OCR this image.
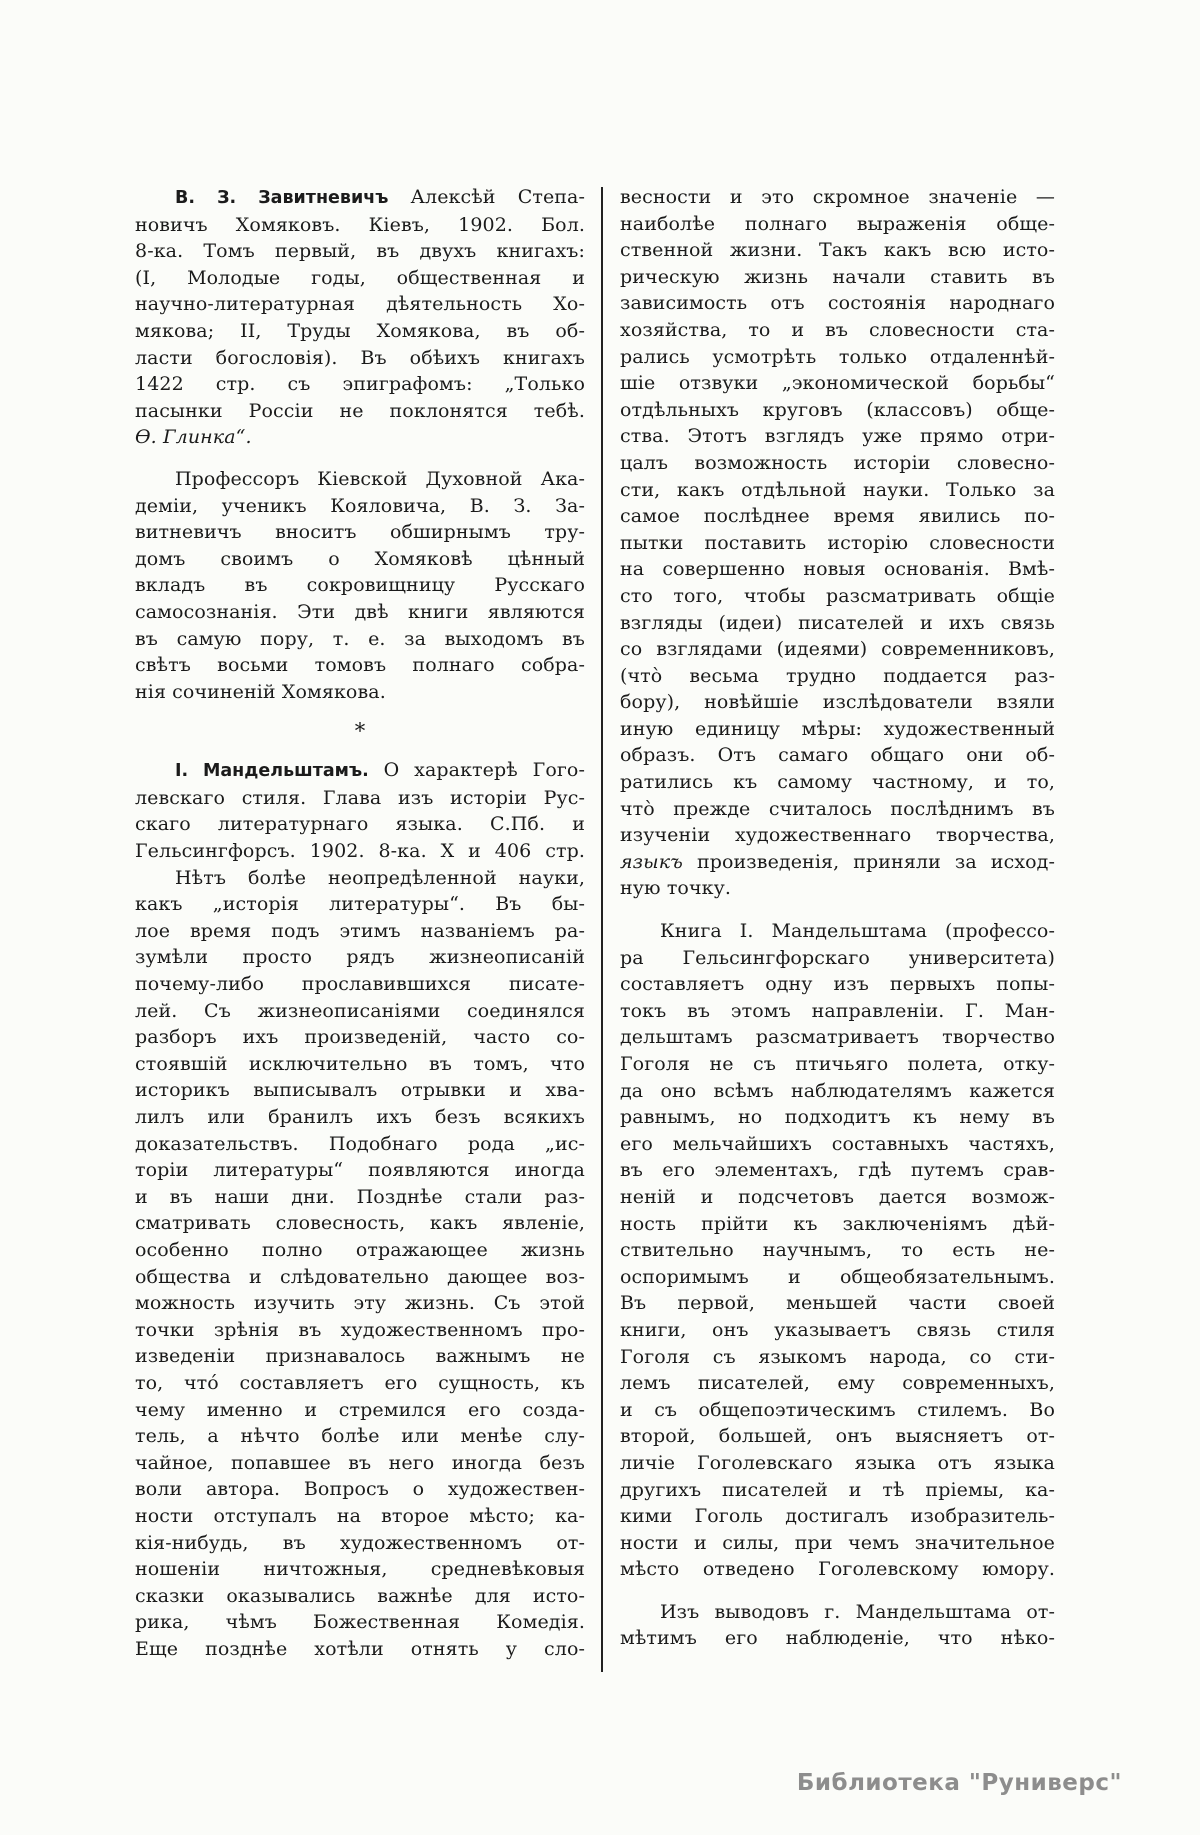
В. З. Завитневичъ Алексѣй Степа-
новичъ Хомяковъ. Кіевъ, 1902. Бол.
8-ка. Томъ первый, въ двухъ книгахъ:
(I, Молодые годы, общественная и
научно-литературная дѣятельность Хо-
мякова; II, Труды Хомякова, въ об-
ласти богословія). Въ обѣихъ книгахъ
1422 стр. съ эпиграфомъ: „Только
пасынки Россіи не поклонятся тебѣ.
Ѳ. Глинка“.
Профессоръ Кіевской Духовной Ака-
деміи, ученикъ Кояловича, В. З. За-
витневичъ вноситъ обширнымъ тру-
домъ своимъ о Хомяковѣ цѣнный
вкладъ въ сокровищницу Русскаго
самосознанія. Эти двѣ книги являются
въ самую пору, т. е. за выходомъ въ
свѣтъ восьми томовъ полнаго собра-
нія сочиненій Хомякова.
*
І. Мандельштамъ. О характерѣ Гого-
левскаго стиля. Глава изъ исторіи Рус-
скаго литературнаго языка. С.Пб. и
Гельсингфорсъ. 1902. 8-ка. X и 406 стр.
Нѣтъ болѣе неопредѣленной науки,
какъ „исторія литературы“. Въ бы-
лое время подъ этимъ названіемъ ра-
зумѣли просто рядъ жизнеописаній
почему-либо прославившихся писате-
лей. Съ жизнеописаніями соединялся
разборъ ихъ произведеній, часто со-
стоявшій исключительно въ томъ, что
историкъ выписывалъ отрывки и хва-
лилъ или бранилъ ихъ безъ всякихъ
доказательствъ. Подобнаго рода „ис-
торіи литературы“ появляются иногда
и въ наши дни. Позднѣе стали раз-
сматривать словесность, какъ явленіе,
особенно полно отражающее жизнь
общества и слѣдовательно дающее воз-
можность изучить эту жизнь. Съ этой
точки зрѣнія въ художественномъ про-
изведеніи признавалось важнымъ не
то, что́ составляетъ его сущность, къ
чему именно и стремился его созда-
тель, а нѣчто болѣе или менѣе слу-
чайное, попавшее въ него иногда безъ
воли автора. Вопросъ о художествен-
ности отступалъ на второе мѣсто; ка-
кія-нибудь, въ художественномъ от-
ношеніи ничтожныя, средневѣковыя
сказки оказывались важнѣе для исто-
рика, чѣмъ Божественная Комедія.
Еще позднѣе хотѣли отнять у сло-
весности и это скромное значеніе —
наиболѣе полнаго выраженія обще-
ственной жизни. Такъ какъ всю исто-
рическую жизнь начали ставить въ
зависимость отъ состоянія народнаго
хозяйства, то и въ словесности ста-
рались усмотрѣть только отдаленнѣй-
шіе отзвуки „экономической борьбы“
отдѣльныхъ круговъ (классовъ) обще-
ства. Этотъ взглядъ уже прямо отри-
цалъ возможность исторіи словесно-
сти, какъ отдѣльной науки. Только за
самое послѣднее время явились по-
пытки поставить исторію словесности
на совершенно новыя основанія. Вмѣ-
сто того, чтобы разсматривать общіе
взгляды (идеи) писателей и ихъ связь
со взглядами (идеями) современниковъ,
(что̀ весьма трудно поддается раз-
бору), новѣйшіе изслѣдователи взяли
иную единицу мѣры: художественный
образъ. Отъ самаго общаго они об-
ратились къ самому частному, и то,
что̀ прежде считалось послѣднимъ въ
изученіи художественнаго творчества,
языкъ произведенія, приняли за исход-
ную точку.
Книга І. Мандельштама (профессо-
ра Гельсингфорскаго университета)
составляетъ одну изъ первыхъ попы-
токъ въ этомъ направленіи. Г. Ман-
дельштамъ разсматриваетъ творчество
Гоголя не съ птичьяго полета, отку-
да оно всѣмъ наблюдателямъ кажется
равнымъ, но подходитъ къ нему въ
его мельчайшихъ составныхъ частяхъ,
въ его элементахъ, гдѣ путемъ срав-
неній и подсчетовъ дается возмож-
ность прійти къ заключеніямъ дѣй-
ствительно научнымъ, то есть не-
оспоримымъ и общеобязательнымъ.
Въ первой, меньшей части своей
книги, онъ указываетъ связь стиля
Гоголя съ языкомъ народа, со сти-
лемъ писателей, ему современныхъ,
и съ общепоэтическимъ стилемъ. Во
второй, большей, онъ выясняетъ от-
личіе Гоголевскаго языка отъ языка
другихъ писателей и тѣ пріемы, ка-
кими Гоголь достигалъ изобразитель-
ности и силы, при чемъ значительное
мѣсто отведено Гоголевскому юмору.
Изъ выводовъ г. Мандельштама от-
мѣтимъ его наблюденіе, что нѣко-
Библиотека "Руниверс"
